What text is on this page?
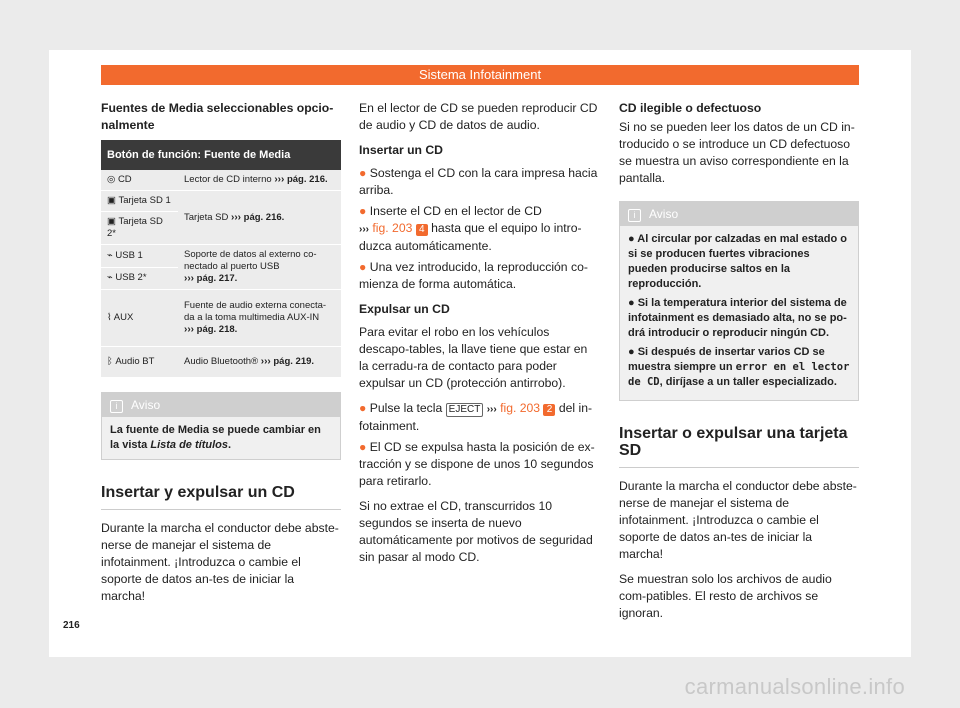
Sistema Infotainment

Fuentes de Media seleccionables opcio-nalmente

Botón de función: Fuente de Media	
◎ CD	Lector de CD interno ››› pág. 216.
▣ Tarjeta SD 1	Tarjeta SD ››› pág. 216.
▣ Tarjeta SD 2*	
⌁ USB 1	Soporte de datos al externo co-nectado al puerto USB
››› pág. 217.
⌁ USB 2*	
⌇ AUX	Fuente de audio externa conecta-da a la toma multimedia AUX-IN
››› pág. 218.
ᛒ Audio BT	Audio Bluetooth® ››› pág. 219.
i Aviso
La fuente de Media se puede cambiar en la vista Lista de títulos.
Insertar y expulsar un CD

Durante la marcha el conductor debe abste-nerse de manejar el sistema de infotainment. ¡Introduzca o cambie el soporte de datos an-tes de iniciar la marcha!

En el lector de CD se pueden reproducir CD de audio y CD de datos de audio.

Insertar un CD

● Sostenga el CD con la cara impresa hacia arriba.

● Inserte el CD en el lector de CD
››› fig. 203 4 hasta que el equipo lo intro-duzca automáticamente.

● Una vez introducido, la reproducción co-mienza de forma automática.

Expulsar un CD

Para evitar el robo en los vehículos descapo-tables, la llave tiene que estar en la cerradu-ra de contacto para poder expulsar un CD (protección antirrobo).

● Pulse la tecla EJECT ››› fig. 203 2 del in-fotainment.

● El CD se expulsa hasta la posición de ex-tracción y se dispone de unos 10 segundos para retirarlo.

Si no extrae el CD, transcurridos 10 segundos se inserta de nuevo automáticamente por motivos de seguridad sin pasar al modo CD.

CD ilegible o defectuoso

Si no se pueden leer los datos de un CD in-troducido o se introduce un CD defectuoso se muestra un aviso correspondiente en la pantalla.

i Aviso
● Al circular por calzadas en mal estado o si se producen fuertes vibraciones pueden producirse saltos en la reproducción.
● Si la temperatura interior del sistema de infotainment es demasiado alta, no se po-drá introducir o reproducir ningún CD.
● Si después de insertar varios CD se muestra siempre un error en el lector de CD, diríjase a un taller especializado.
Insertar o expulsar una tarjeta SD

Durante la marcha el conductor debe abste-nerse de manejar el sistema de infotainment. ¡Introduzca o cambie el soporte de datos an-tes de iniciar la marcha!

Se muestran solo los archivos de audio com-patibles. El resto de archivos se ignoran.

216
carmanualsonline.info
